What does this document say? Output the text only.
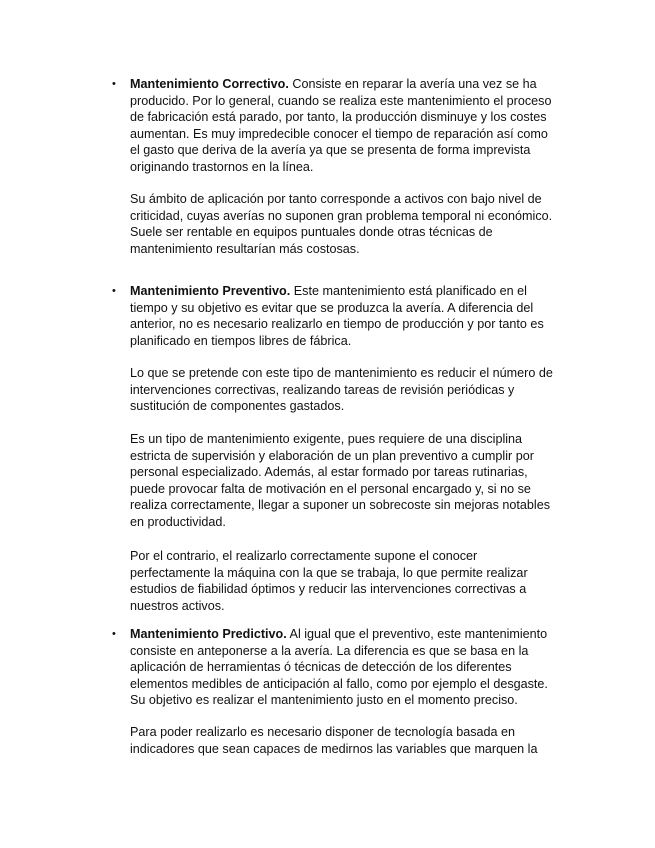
• Mantenimiento Correctivo. Consiste en reparar la avería una vez se ha
producido. Por lo general, cuando se realiza este mantenimiento el proceso
de fabricación está parado, por tanto, la producción disminuye y los costes
aumentan. Es muy impredecible conocer el tiempo de reparación así como
el gasto que deriva de la avería ya que se presenta de forma imprevista
originando trastornos en la línea.
Su ámbito de aplicación por tanto corresponde a activos con bajo nivel de
criticidad, cuyas averías no suponen gran problema temporal ni económico.
Suele ser rentable en equipos puntuales donde otras técnicas de
mantenimiento resultarían más costosas.
• Mantenimiento Preventivo. Este mantenimiento está planificado en el
tiempo y su objetivo es evitar que se produzca la avería. A diferencia del
anterior, no es necesario realizarlo en tiempo de producción y por tanto es
planificado en tiempos libres de fábrica.
Lo que se pretende con este tipo de mantenimiento es reducir el número de
intervenciones correctivas, realizando tareas de revisión periódicas y
sustitución de componentes gastados.
Es un tipo de mantenimiento exigente, pues requiere de una disciplina
estricta de supervisión y elaboración de un plan preventivo a cumplir por
personal especializado. Además, al estar formado por tareas rutinarias,
puede provocar falta de motivación en el personal encargado y, si no se
realiza correctamente, llegar a suponer un sobrecoste sin mejoras notables
en productividad.
Por el contrario, el realizarlo correctamente supone el conocer
perfectamente la máquina con la que se trabaja, lo que permite realizar
estudios de fiabilidad óptimos y reducir las intervenciones correctivas a
nuestros activos.
• Mantenimiento Predictivo. Al igual que el preventivo, este mantenimiento
consiste en anteponerse a la avería. La diferencia es que se basa en la
aplicación de herramientas ó técnicas de detección de los diferentes
elementos medibles de anticipación al fallo, como por ejemplo el desgaste.
Su objetivo es realizar el mantenimiento justo en el momento preciso.
Para poder realizarlo es necesario disponer de tecnología basada en
indicadores que sean capaces de medirnos las variables que marquen la
